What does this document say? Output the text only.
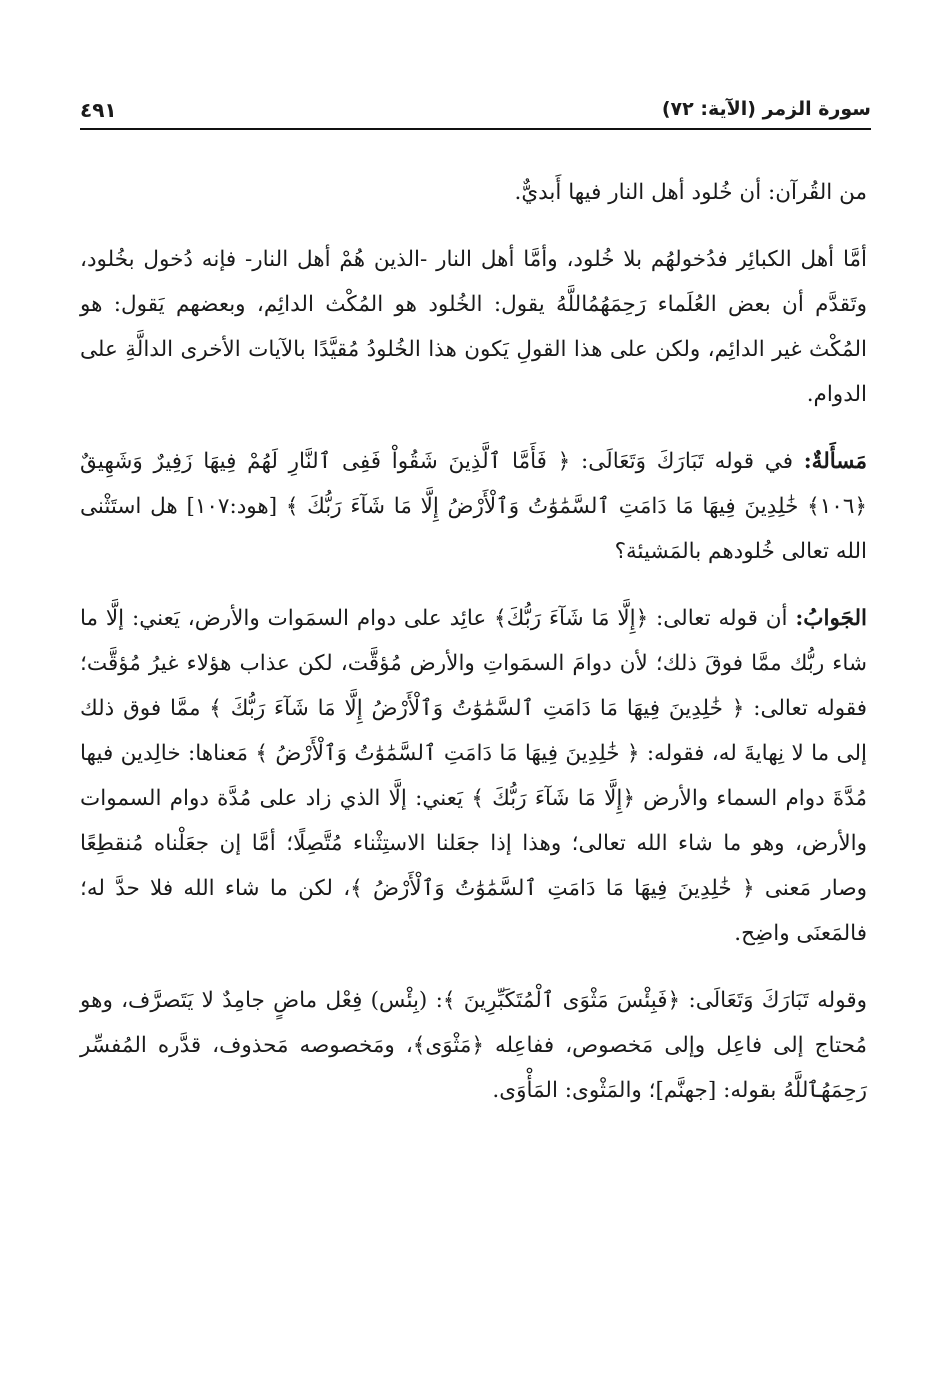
سورة الزمر (الآية: ٧٢)
٤٩١

من القُرآن: أن خُلود أهل النار فيها أَبديٌّ.

أمَّا أهل الكبائِر فدُخولهُم بلا خُلود، وأمَّا أهل النار -الذين هُمْ أهل النار- فإنه دُخول بخُلود، وتَقدَّم أن بعض العُلَماء رَحِمَهُمُاللَّهُ يقول: الخُلود هو المُكْث الدائِم، وبعضهم يَقول: هو المُكْث غير الدائِم، ولكن على هذا القولِ يَكون هذا الخُلودُ مُقيَّدًا بالآيات الأخرى الدالَّةِ على الدوام.

مَسأَلةٌ: في قوله تَبَارَكَ وَتَعَالَى: ﴿ فَأَمَّا ٱلَّذِينَ شَقُواْ فَفِى ٱلنَّارِ لَهُمْ فِيهَا زَفِيرٌ وَشَهِيقٌ ﴿١٠٦﴾ خَٰلِدِينَ فِيهَا مَا دَامَتِ ٱلسَّمَٰوَٰتُ وَٱلْأَرْضُ إِلَّا مَا شَآءَ رَبُّكَ ﴾ [هود:١٠٧] هل استَثْنى الله تعالى خُلودهم بالمَشيئة؟

الجَوابُ: أن قوله تعالى: ﴿إِلَّا مَا شَآءَ رَبُّكَ﴾ عائِد على دوام السمَوات والأرض، يَعني: إلَّا ما شاء ربُّك ممَّا فوقَ ذلك؛ لأن دوامَ السمَواتِ والأرض مُؤقَّت، لكن عذاب هؤلاء غيرُ مُؤقَّت؛ فقوله تعالى: ﴿ خَٰلِدِينَ فِيهَا مَا دَامَتِ ٱلسَّمَٰوَٰتُ وَٱلْأَرْضُ إِلَّا مَا شَآءَ رَبُّكَ ﴾ ممَّا فوق ذلك إلى ما لا نِهايةَ له، فقوله: ﴿ خَٰلِدِينَ فِيهَا مَا دَامَتِ ٱلسَّمَٰوَٰتُ وَٱلْأَرْضُ ﴾ مَعناها: خالِدين فيها مُدَّةَ دوام السماء والأرض ﴿إِلَّا مَا شَآءَ رَبُّكَ ﴾ يَعني: إلَّا الذي زاد على مُدَّة دوام السموات والأرض، وهو ما شاء الله تعالى؛ وهذا إذا جعَلنا الاستِثْناء مُتَّصِلًا؛ أمَّا إن جعَلْناه مُنقطِعًا وصار مَعنى ﴿ خَٰلِدِينَ فِيهَا مَا دَامَتِ ٱلسَّمَٰوَٰتُ وَٱلْأَرْضُ ﴾، لكن ما شاء الله فلا حدَّ له؛ فالمَعنَى واضِح.

وقوله تَبَارَكَ وَتَعَالَى: ﴿فَبِئْسَ مَثْوَى ٱلْمُتَكَبِّرِينَ ﴾: (بِئْس) فِعْل ماضٍ جامِدٌ لا يَتَصرَّف، وهو مُحتاج إلى فاعِل وإلى مَخصوص، ففاعِله ﴿مَثْوَى﴾، ومَخصوصه مَحذوف، قدَّره المُفسِّر رَحِمَهُٱللَّهُ بقوله: [جهنَّم]؛ والمَثْوى: المَأْوَى.
